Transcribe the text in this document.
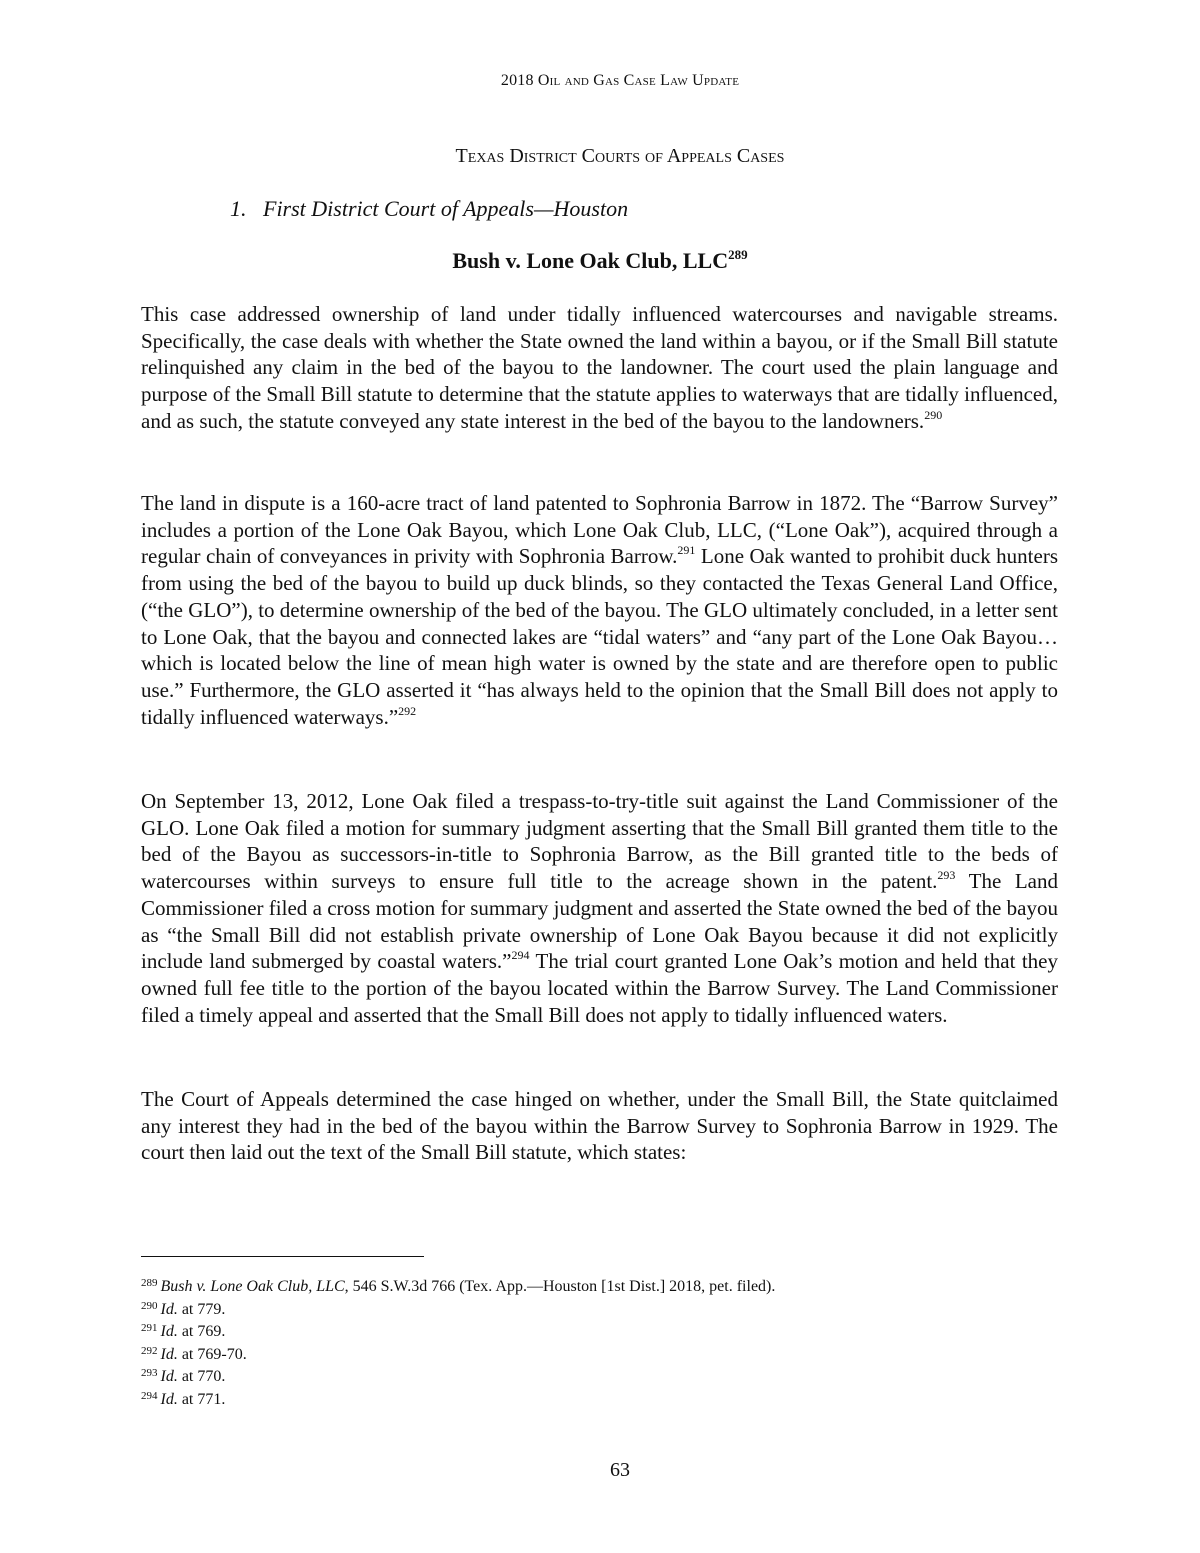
2018 Oil and Gas Case Law Update
Texas District Courts of Appeals Cases
1.   First District Court of Appeals—Houston
Bush v. Lone Oak Club, LLC$^{289}$

This case addressed ownership of land under tidally influenced watercourses and navigable streams. Specifically, the case deals with whether the State owned the land within a bayou, or if the Small Bill statute relinquished any claim in the bed of the bayou to the landowner. The court used the plain language and purpose of the Small Bill statute to determine that the statute applies to waterways that are tidally influenced, and as such, the statute conveyed any state interest in the bed of the bayou to the landowners.$^{290}$

The land in dispute is a 160-acre tract of land patented to Sophronia Barrow in 1872. The “Barrow Survey” includes a portion of the Lone Oak Bayou, which Lone Oak Club, LLC, (“Lone Oak”), acquired through a regular chain of conveyances in privity with Sophronia Barrow.$^{291}$ Lone Oak wanted to prohibit duck hunters from using the bed of the bayou to build up duck blinds, so they contacted the Texas General Land Office, (“the GLO”), to determine ownership of the bed of the bayou. The GLO ultimately concluded, in a letter sent to Lone Oak, that the bayou and connected lakes are “tidal waters” and “any part of the Lone Oak Bayou… which is located below the line of mean high water is owned by the state and are therefore open to public use.” Furthermore, the GLO asserted it “has always held to the opinion that the Small Bill does not apply to tidally influenced waterways.”$^{292}$

On September 13, 2012, Lone Oak filed a trespass-to-try-title suit against the Land Commissioner of the GLO. Lone Oak filed a motion for summary judgment asserting that the Small Bill granted them title to the bed of the Bayou as successors-in-title to Sophronia Barrow, as the Bill granted title to the beds of watercourses within surveys to ensure full title to the acreage shown in the patent.$^{293}$ The Land Commissioner filed a cross motion for summary judgment and asserted the State owned the bed of the bayou as “the Small Bill did not establish private ownership of Lone Oak Bayou because it did not explicitly include land submerged by coastal waters.”$^{294}$ The trial court granted Lone Oak’s motion and held that they owned full fee title to the portion of the bayou located within the Barrow Survey. The Land Commissioner filed a timely appeal and asserted that the Small Bill does not apply to tidally influenced waters.

The Court of Appeals determined the case hinged on whether, under the Small Bill, the State quitclaimed any interest they had in the bed of the bayou within the Barrow Survey to Sophronia Barrow in 1929. The court then laid out the text of the Small Bill statute, which states:

$^{289}$ Bush v. Lone Oak Club, LLC, 546 S.W.3d 766 (Tex. App.—Houston [1st Dist.] 2018, pet. filed).
$^{290}$ Id. at 779.
$^{291}$ Id. at 769.
$^{292}$ Id. at 769-70.
$^{293}$ Id. at 770.
$^{294}$ Id. at 771.
63
